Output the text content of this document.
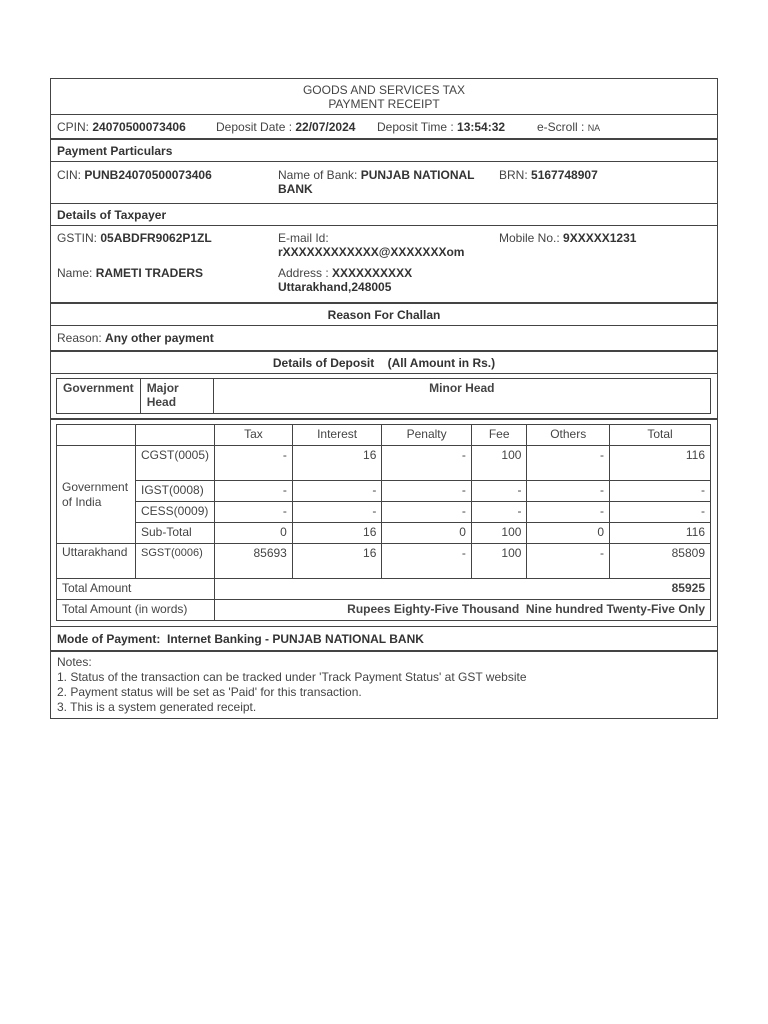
GOODS AND SERVICES TAX
PAYMENT RECEIPT
CPIN: 24070500073406	Deposit Date : 22/07/2024 Deposit Time : 13:54:32	e-Scroll : NA
Payment Particulars
CIN: PUNB24070500073406	Name of Bank: PUNJAB NATIONAL BANK
BRN: 5167748907
Details of Taxpayer
GSTIN: 05ABDFR9062P1ZL	E-mail Id:
rXXXXXXXXXXXX@XXXXXXXom
Mobile No.: 9XXXXX1231
Name: RAMETI TRADERS	Address : XXXXXXXXXX
Uttarakhand,248005
Reason For Challan
Reason: Any other payment
Details of Deposit (All Amount in Rs.)
Government	Major Head	Minor Head
		Tax	Interest	Penalty	Fee	Others	Total
Government of India	CGST(0005)	-	16	-	100	-	116
	IGST(0008)	-	-	-	-	-	-
	CESS(0009)	-	-	-	-	-	-
	Sub-Total	0	16	0	100	0	116
Uttarakhand	SGST(0006)	85693	16	-	100	-	85809
Total Amount		85925					
Total Amount (in words)		Rupees Eighty-Five Thousand  Nine hundred Twenty-Five Only					
Mode of Payment:  Internet Banking - PUNJAB NATIONAL BANK
Notes:
1. Status of the transaction can be tracked under 'Track Payment Status' at GST website
2. Payment status will be set as 'Paid' for this transaction.
3. This is a system generated receipt.
